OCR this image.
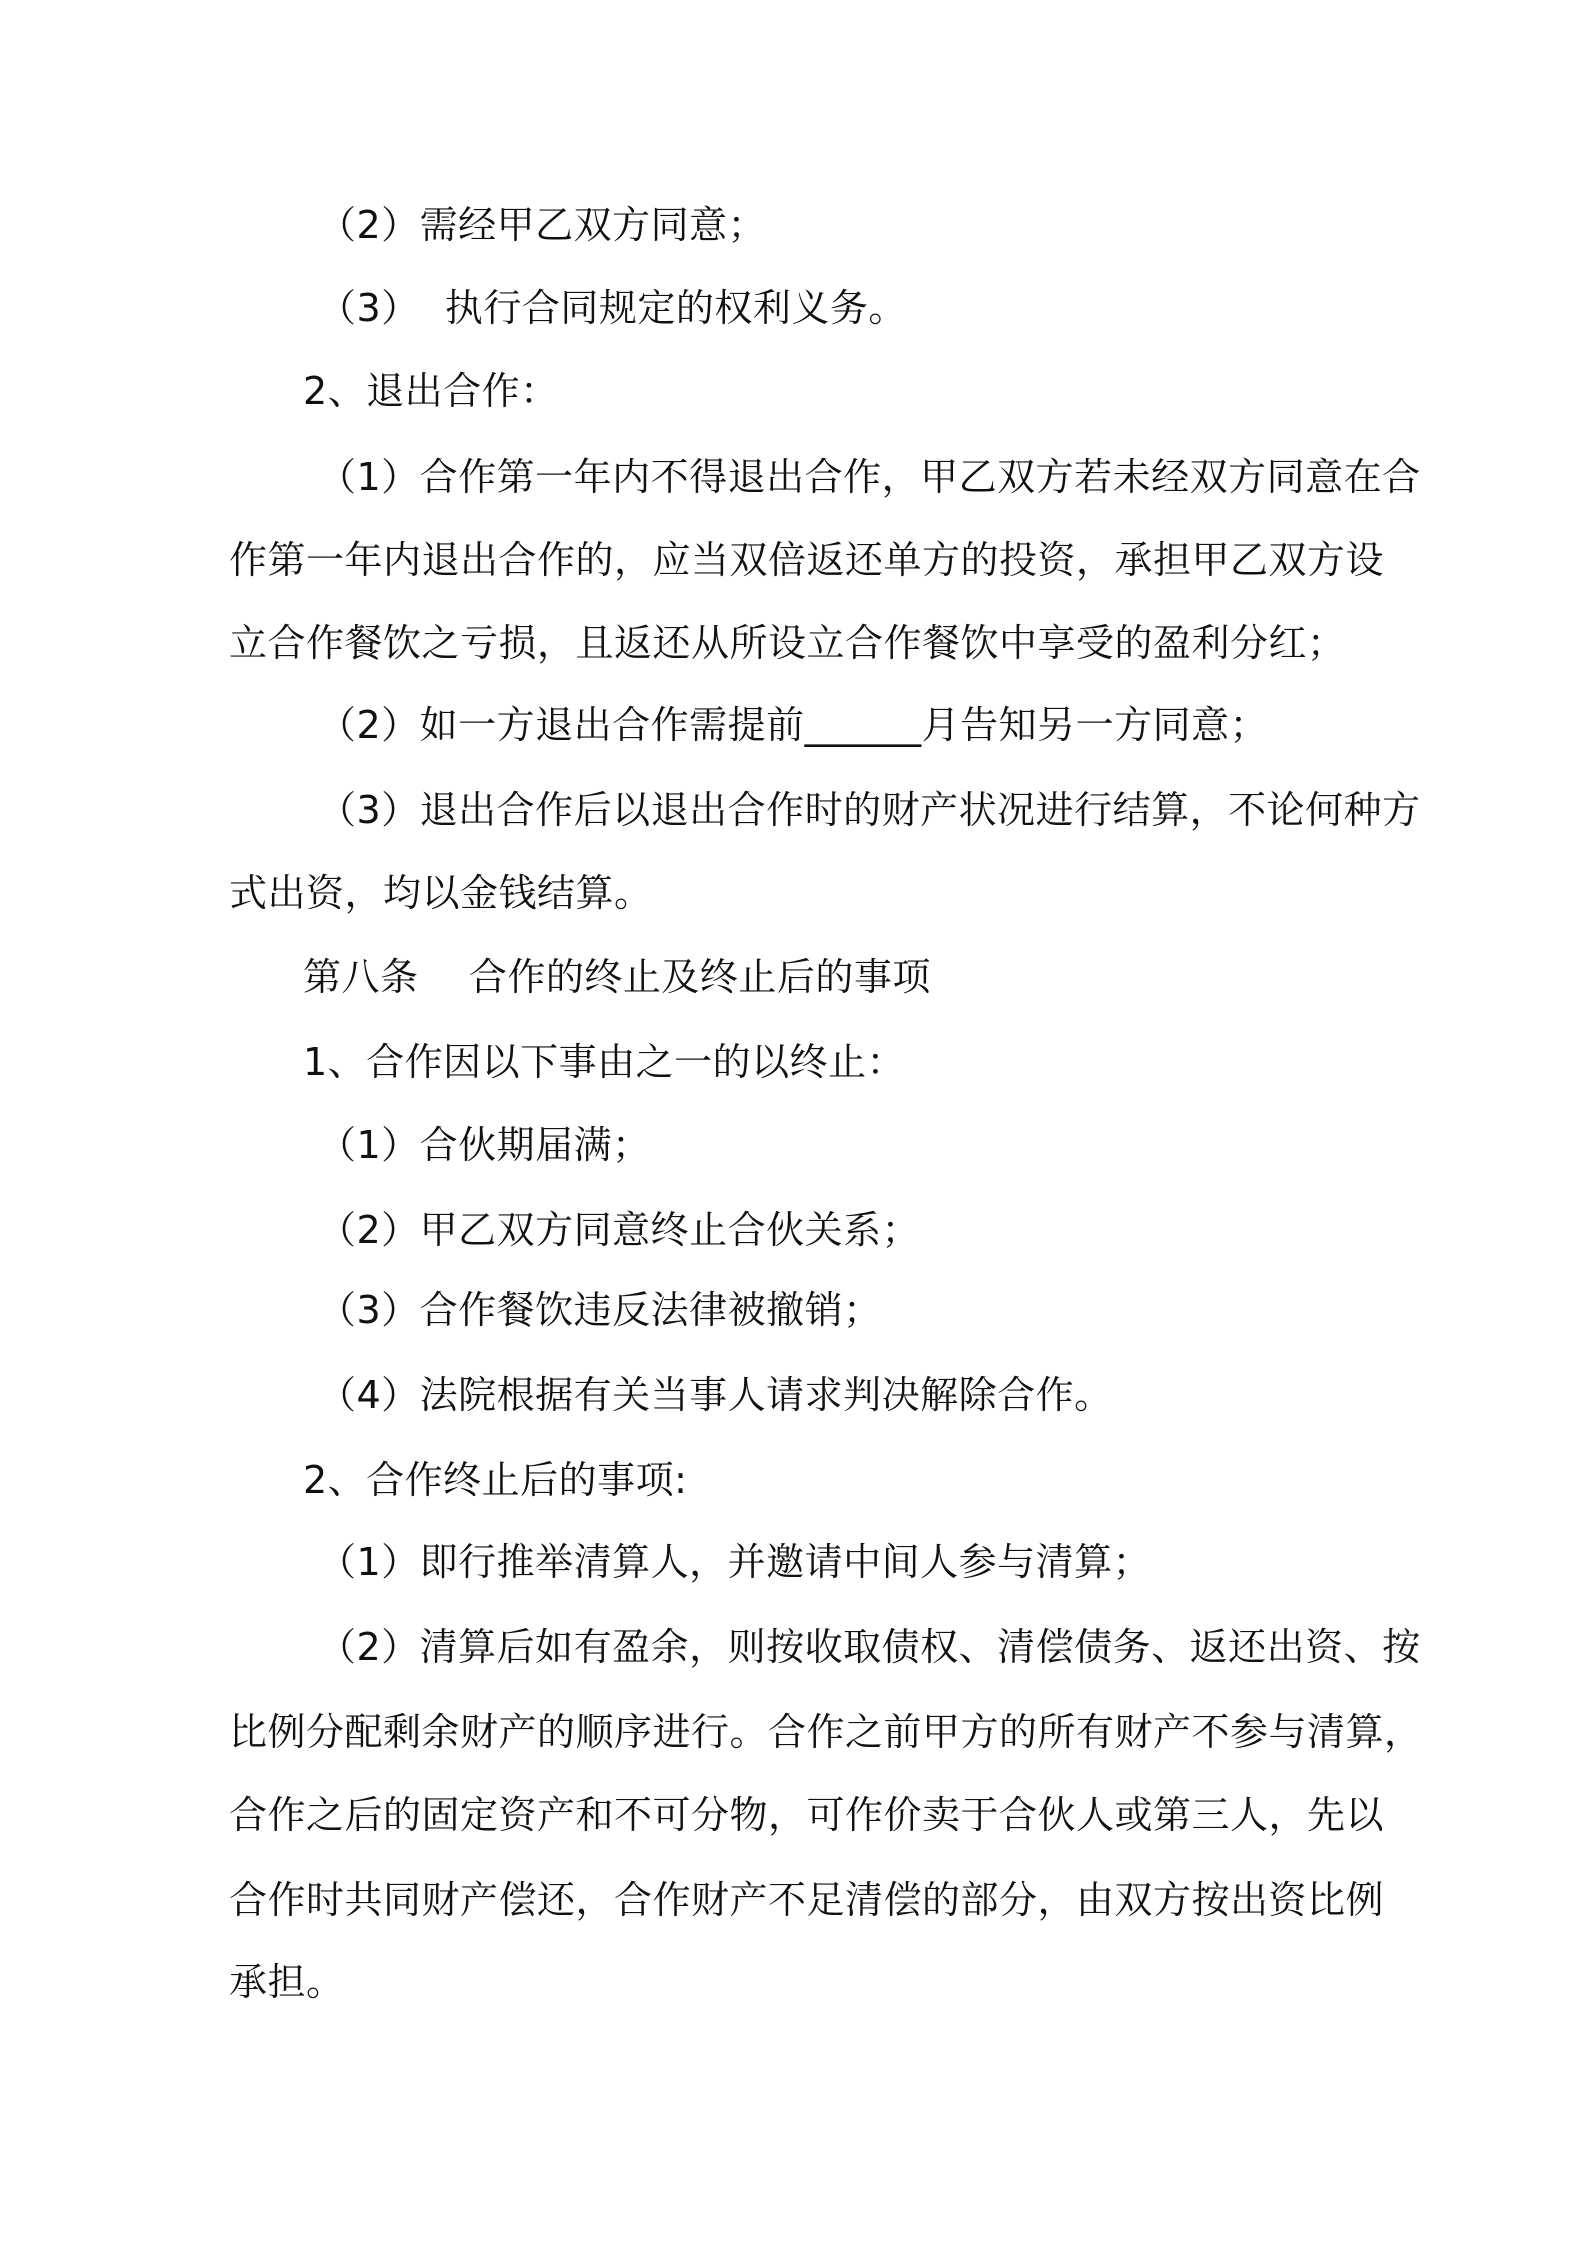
（2）需经甲乙双方同意；
（3）  执行合同规定的权利义务。
2、退出合作：
（1）合作第一年内不得退出合作，甲乙双方若未经双方同意在合
作第一年内退出合作的，应当双倍返还单方的投资，承担甲乙双方设
立合作餐饮之亏损，且返还从所设立合作餐饮中享受的盈利分红；
（2）如一方退出合作需提前______月告知另一方同意；
（3）退出合作后以退出合作时的财产状况进行结算，不论何种方
式出资，均以金钱结算。
第八条    合作的终止及终止后的事项
1、合作因以下事由之一的以终止：
（1）合伙期届满；
（2）甲乙双方同意终止合伙关系；
（3）合作餐饮违反法律被撤销；
（4）法院根据有关当事人请求判决解除合作。
2、合作终止后的事项:
（1）即行推举清算人，并邀请中间人参与清算；
（2）清算后如有盈余，则按收取债权、清偿债务、返还出资、按
比例分配剩余财产的顺序进行。合作之前甲方的所有财产不参与清算，
合作之后的固定资产和不可分物，可作价卖于合伙人或第三人，先以
合作时共同财产偿还，合作财产不足清偿的部分，由双方按出资比例
承担。
